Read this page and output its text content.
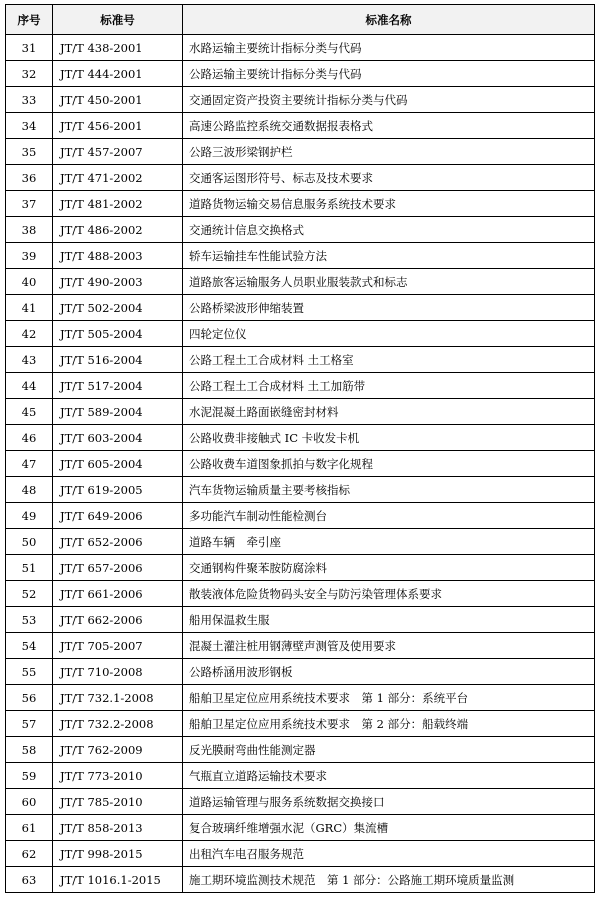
序号	标准号	标准名称
31	JT/T 438-2001	水路运输主要统计指标分类与代码
32	JT/T 444-2001	公路运输主要统计指标分类与代码
33	JT/T 450-2001	交通固定资产投资主要统计指标分类与代码
34	JT/T 456-2001	高速公路监控系统交通数据报表格式
35	JT/T 457-2007	公路三波形梁钢护栏
36	JT/T 471-2002	交通客运图形符号、标志及技术要求
37	JT/T 481-2002	道路货物运输交易信息服务系统技术要求
38	JT/T 486-2002	交通统计信息交换格式
39	JT/T 488-2003	轿车运输挂车性能试验方法
40	JT/T 490-2003	道路旅客运输服务人员职业服装款式和标志
41	JT/T 502-2004	公路桥梁波形伸缩装置
42	JT/T 505-2004	四轮定位仪
43	JT/T 516-2004	公路工程土工合成材料 土工格室
44	JT/T 517-2004	公路工程土工合成材料 土工加筋带
45	JT/T 589-2004	水泥混凝土路面嵌缝密封材料
46	JT/T 603-2004	公路收费非接触式 IC 卡收发卡机
47	JT/T 605-2004	公路收费车道图象抓拍与数字化规程
48	JT/T 619-2005	汽车货物运输质量主要考核指标
49	JT/T 649-2006	多功能汽车制动性能检测台
50	JT/T 652-2006	道路车辆　牵引座
51	JT/T 657-2006	交通钢构件聚苯胺防腐涂料
52	JT/T 661-2006	散装液体危险货物码头安全与防污染管理体系要求
53	JT/T 662-2006	船用保温救生服
54	JT/T 705-2007	混凝土灌注桩用钢薄壁声测管及使用要求
55	JT/T 710-2008	公路桥涵用波形钢板
56	JT/T 732.1-2008	船舶卫星定位应用系统技术要求　第 1 部分：系统平台
57	JT/T 732.2-2008	船舶卫星定位应用系统技术要求　第 2 部分：船载终端
58	JT/T 762-2009	反光膜耐弯曲性能测定器
59	JT/T 773-2010	气瓶直立道路运输技术要求
60	JT/T 785-2010	道路运输管理与服务系统数据交换接口
61	JT/T 858-2013	复合玻璃纤维增强水泥（GRC）集流槽
62	JT/T 998-2015	出租汽车电召服务规范
63	JT/T 1016.1-2015	施工期环境监测技术规范　第 1 部分：公路施工期环境质量监测
